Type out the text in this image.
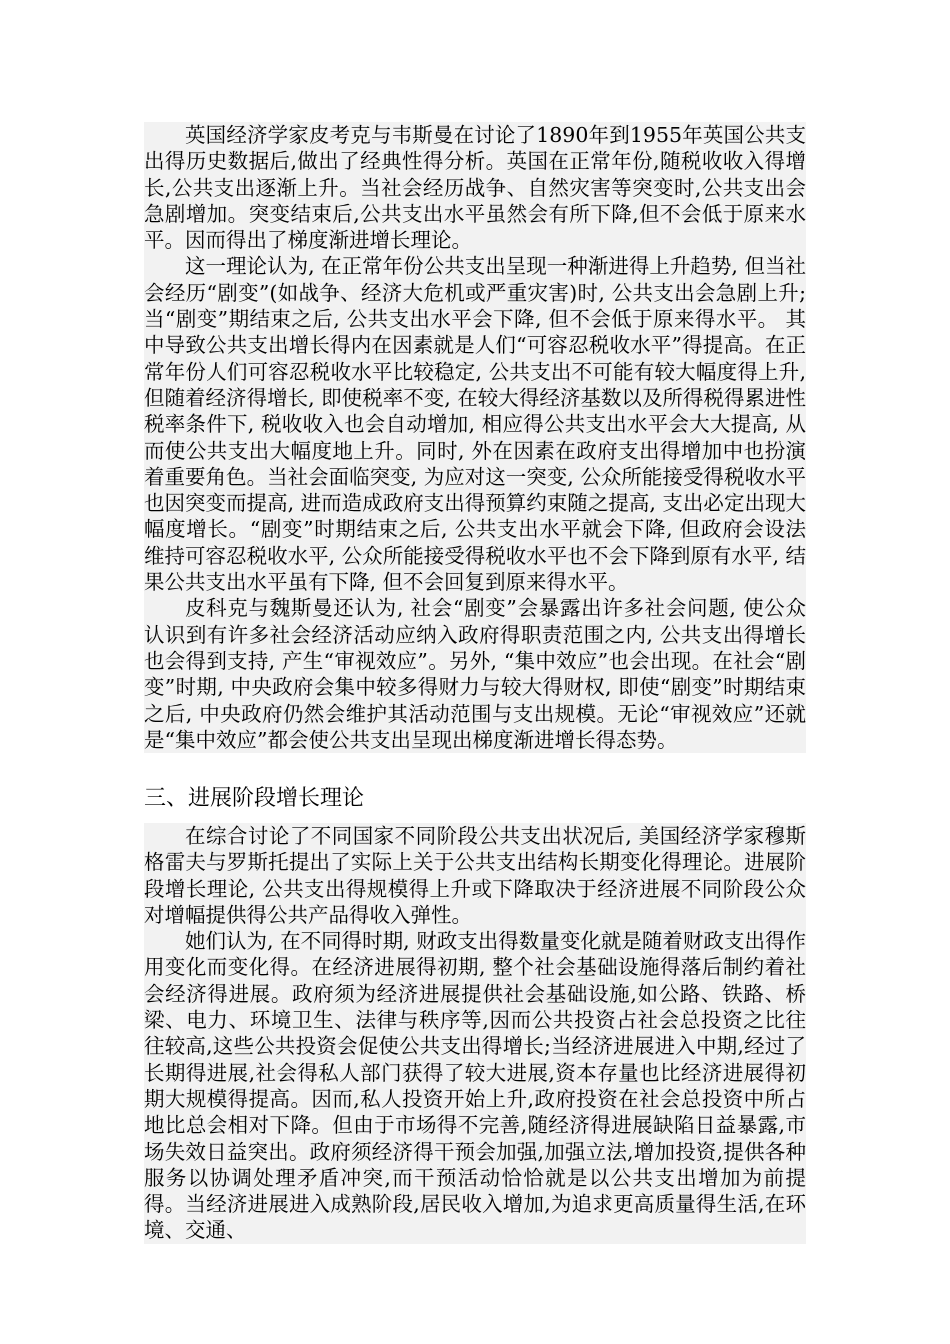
英国经济学家皮考克与韦斯曼在讨论了1890年到1955年英国公共支出得历史数据后,做出了经典性得分析。英国在正常年份,随税收收入得增长,公共支出逐渐上升。当社会经历战争、自然灾害等突变时,公共支出会急剧增加。突变结束后,公共支出水平虽然会有所下降,但不会低于原来水平。因而得出了梯度渐进增长理论。

这一理论认为, 在正常年份公共支出呈现一种渐进得上升趋势, 但当社会经历“剧变”(如战争、经济大危机或严重灾害)时, 公共支出会急剧上升;当“剧变”期结束之后, 公共支出水平会下降, 但不会低于原来得水平。 其中导致公共支出增长得内在因素就是人们“可容忍税收水平”得提高。在正常年份人们可容忍税收水平比较稳定, 公共支出不可能有较大幅度得上升, 但随着经济得增长, 即使税率不变, 在较大得经济基数以及所得税得累进性税率条件下, 税收收入也会自动增加, 相应得公共支出水平会大大提高, 从而使公共支出大幅度地上升。同时, 外在因素在政府支出得增加中也扮演着重要角色。当社会面临突变, 为应对这一突变, 公众所能接受得税收水平也因突变而提高, 进而造成政府支出得预算约束随之提高, 支出必定出现大幅度增长。“剧变”时期结束之后, 公共支出水平就会下降, 但政府会设法维持可容忍税收水平, 公众所能接受得税收水平也不会下降到原有水平, 结果公共支出水平虽有下降, 但不会回复到原来得水平。

皮科克与魏斯曼还认为, 社会“剧变”会暴露出许多社会问题, 使公众认识到有许多社会经济活动应纳入政府得职责范围之内, 公共支出得增长也会得到支持, 产生“审视效应”。另外, “集中效应”也会出现。在社会“剧变”时期, 中央政府会集中较多得财力与较大得财权, 即使“剧变”时期结束之后, 中央政府仍然会维护其活动范围与支出规模。无论“审视效应”还就是“集中效应”都会使公共支出呈现出梯度渐进增长得态势。

三、进展阶段增长理论

在综合讨论了不同国家不同阶段公共支出状况后, 美国经济学家穆斯格雷夫与罗斯托提出了实际上关于公共支出结构长期变化得理论。进展阶段增长理论, 公共支出得规模得上升或下降取决于经济进展不同阶段公众对增幅提供得公共产品得收入弹性。

她们认为, 在不同得时期, 财政支出得数量变化就是随着财政支出得作用变化而变化得。在经济进展得初期, 整个社会基础设施得落后制约着社会经济得进展。政府须为经济进展提供社会基础设施,如公路、铁路、桥梁、电力、环境卫生、法律与秩序等,因而公共投资占社会总投资之比往往较高,这些公共投资会促使公共支出得增长;当经济进展进入中期,经过了长期得进展,社会得私人部门获得了较大进展,资本存量也比经济进展得初期大规模得提高。因而,私人投资开始上升,政府投资在社会总投资中所占地比总会相对下降。但由于市场得不完善,随经济得进展缺陷日益暴露,市场失效日益突出。政府须经济得干预会加强,加强立法,增加投资,提供各种服务以协调处理矛盾冲突,而干预活动恰恰就是以公共支出增加为前提得。当经济进展进入成熟阶段,居民收入增加,为追求更高质量得生活,在环境、交通、
